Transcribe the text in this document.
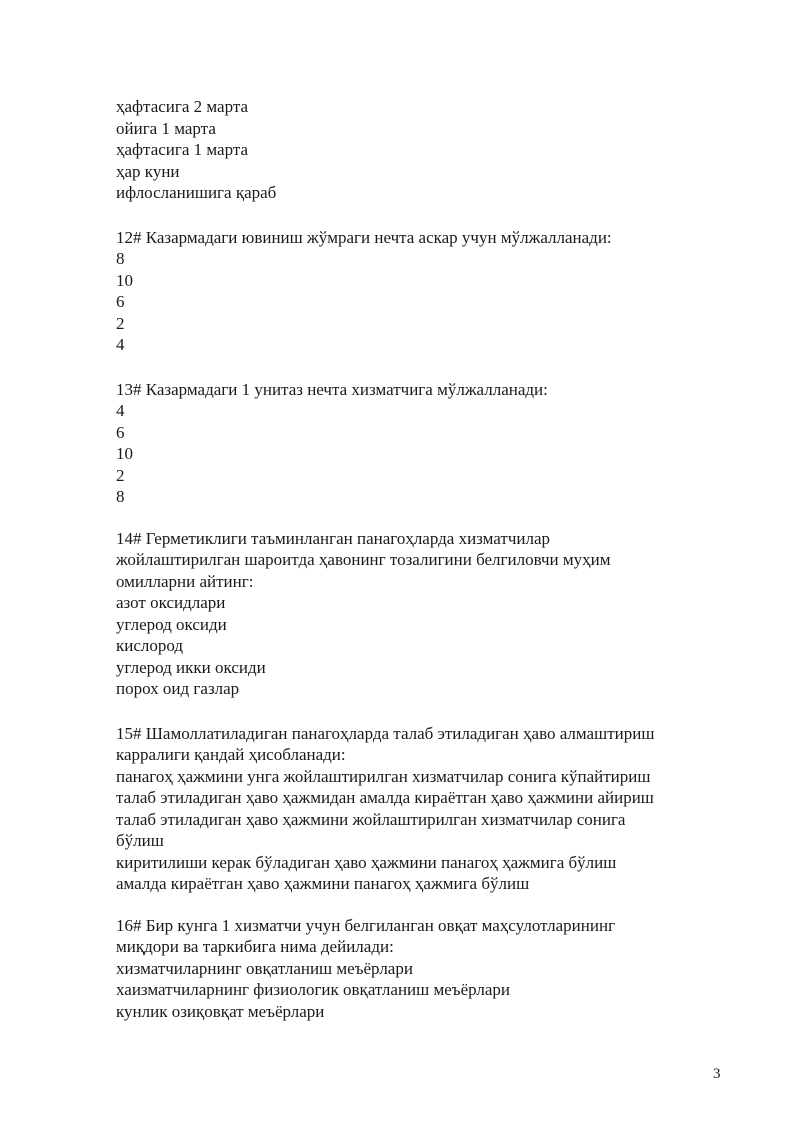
ҳафтасига 2 марта
ойига 1 марта
ҳафтасига 1 марта
ҳар куни
ифлосланишига қараб
12# Казармадаги ювиниш жўмраги нечта аскар учун мўлжалланади:
8
10
6
2
4
13# Казармадаги 1 унитаз нечта хизматчига мўлжалланади:
4
6
10
2
8
14# Герметиклиги таъминланган панагоҳларда хизматчилар
жойлаштирилган шароитда ҳавонинг тозалигини белгиловчи муҳим
омилларни айтинг:
азот оксидлари
углерод оксиди
кислород
углерод икки оксиди
порох оид газлар
15# Шамоллатиладиган панагоҳларда талаб этиладиган ҳаво алмаштириш
карралиги қандай ҳисобланади:
панагоҳ ҳажмини унга жойлаштирилган хизматчилар сонига кўпайтириш
талаб этиладиган ҳаво ҳажмидан амалда кираётган ҳаво ҳажмини айириш
талаб этиладиган ҳаво ҳажмини жойлаштирилган хизматчилар сонига
бўлиш
киритилиши керак бўладиган ҳаво ҳажмини панагоҳ ҳажмига бўлиш
амалда кираётган ҳаво ҳажмини панагоҳ ҳажмига бўлиш
16# Бир кунга 1 хизматчи учун белгиланган овқат маҳсулотларининг
миқдори ва таркибига нима дейилади:
хизматчиларнинг овқатланиш меъёрлари
хаизматчиларнинг физиологик овқатланиш меъёрлари
кунлик озиқовқат меъёрлари
3
